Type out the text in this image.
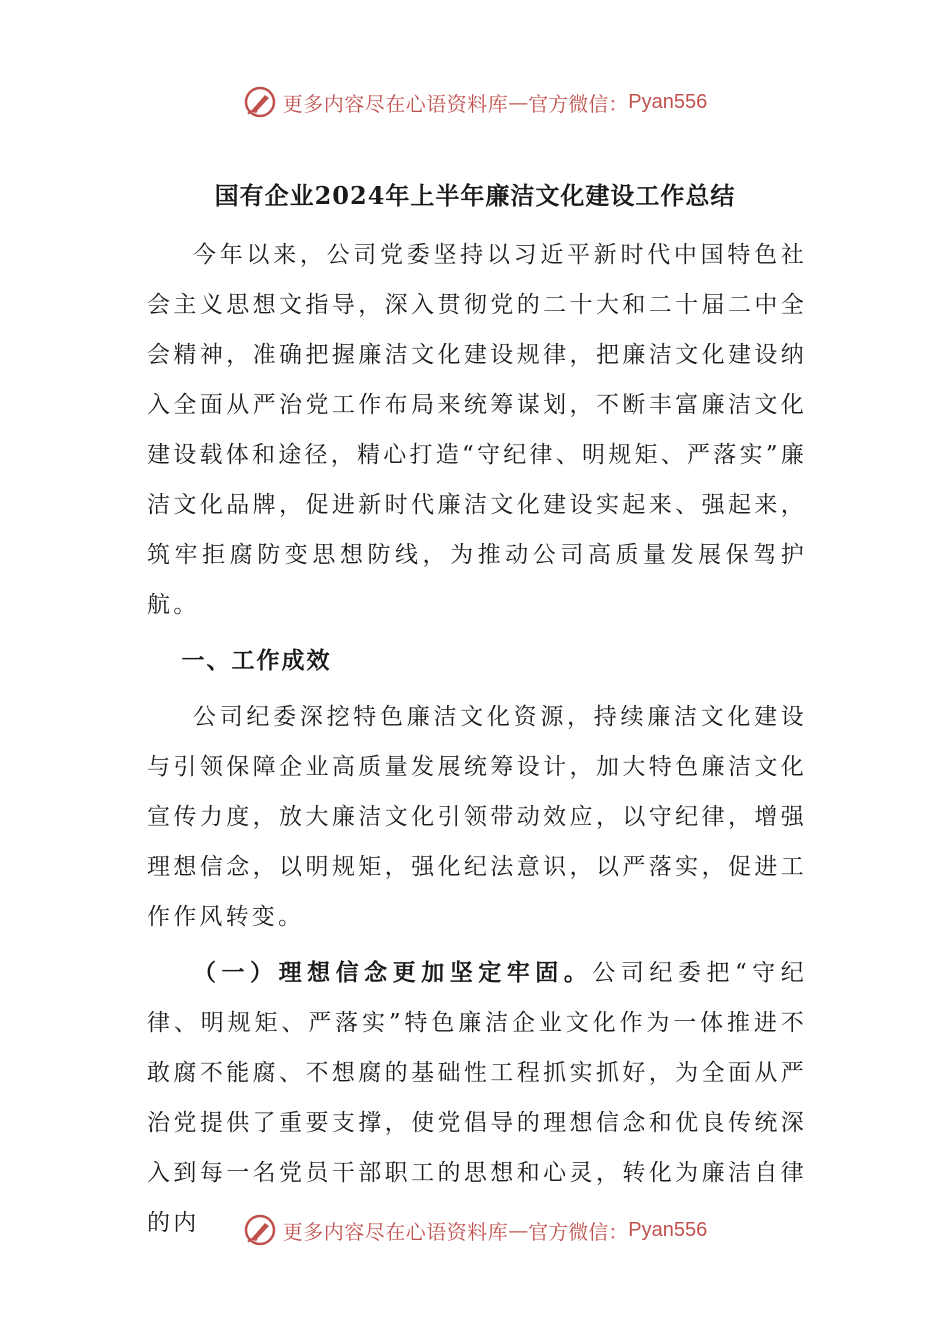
更多内容尽在心语资料库 — 官方微信： Pyan556
国有企业2024年上半年廉洁文化建设工作总结

今年以来，公司党委坚持以习近平新时代中国特色社会主义思想文指导，深入贯彻党的二十大和二十届二中全会精神，准确把握廉洁文化建设规律，把廉洁文化建设纳入全面从严治党工作布局来统筹谋划，不断丰富廉洁文化建设载体和途径，精心打造“守纪律、明规矩、严落实”廉洁文化品牌，促进新时代廉洁文化建设实起来、强起来，筑牢拒腐防变思想防线，为推动公司高质量发展保驾护航。

一、工作成效

公司纪委深挖特色廉洁文化资源，持续廉洁文化建设与引领保障企业高质量发展统筹设计，加大特色廉洁文化宣传力度，放大廉洁文化引领带动效应，以守纪律，增强理想信念，以明规矩，强化纪法意识，以严落实，促进工作作风转变。

（一）理想信念更加坚定牢固。公司纪委把“守纪律、明规矩、严落实”特色廉洁企业文化作为一体推进不敢腐不能腐、不想腐的基础性工程抓实抓好，为全面从严治党提供了重要支撑，使党倡导的理想信念和优良传统深入到每一名党员干部职工的思想和心灵，转化为廉洁自律的内	更多内容尽在心语资料库 — 官方微信： Pyan556
